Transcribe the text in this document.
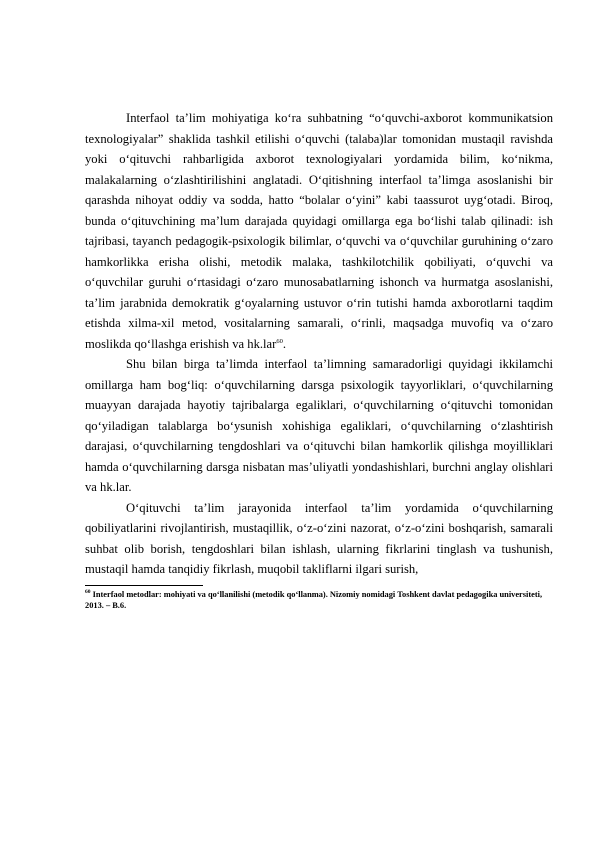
Interfaol ta’lim mohiyatiga ko‘ra suhbatning “o‘quvchi-axborot kommunikatsion texnologiyalar” shaklida tashkil etilishi o‘quvchi (talaba)lar tomonidan mustaqil ravishda yoki o‘qituvchi rahbarligida axborot texnologiyalari yordamida bilim, ko‘nikma, malakalarning o‘zlashtirilishini anglatadi. O‘qitishning interfaol ta’limga asoslanishi bir qarashda nihoyat oddiy va sodda, hatto “bolalar o‘yini” kabi taassurot uyg‘otadi. Biroq, bunda o‘qituvchining ma’lum darajada quyidagi omillarga ega bo‘lishi talab qilinadi: ish tajribasi, tayanch pedagogik-psixologik bilimlar, o‘quvchi va o‘quvchilar guruhining o‘zaro hamkorlikka erisha olishi, metodik malaka, tashkilotchilik qobiliyati, o‘quvchi va o‘quvchilar guruhi o‘rtasidagi o‘zaro munosabatlarning ishonch va hurmatga asoslanishi, ta’lim jarabnida demokratik g‘oyalarning ustuvor o‘rin tutishi hamda axborotlarni taqdim etishda xilma-xil metod, vositalarning samarali, o‘rinli, maqsadga muvofiq va o‘zaro moslikda qo‘llashga erishish va hk.lar$^{60}$.

Shu bilan birga ta’limda interfaol ta’limning samaradorligi quyidagi ikkilamchi omillarga ham bog‘liq: o‘quvchilarning darsga psixologik tayyorliklari, o‘quvchilarning muayyan darajada hayotiy tajribalarga egaliklari, o‘quvchilarning o‘qituvchi tomonidan qo‘yiladigan talablarga bo‘ysunish xohishiga egaliklari, o‘quvchilarning o‘zlashtirish darajasi, o‘quvchilarning tengdoshlari va o‘qituvchi bilan hamkorlik qilishga moyilliklari hamda o‘quvchilarning darsga nisbatan mas’uliyatli yondashishlari, burchni anglay olishlari va hk.lar.

O‘qituvchi ta’lim jarayonida interfaol ta’lim yordamida o‘quvchilarning qobiliyatlarini rivojlantirish, mustaqillik, o‘z-o‘zini nazorat, o‘z-o‘zini boshqarish, samarali suhbat olib borish, tengdoshlari bilan ishlash, ularning fikrlarini tinglash va tushunish, mustaqil hamda tanqidiy fikrlash, muqobil takliflarni ilgari surish,

$^{60}$ Interfaol metodlar: mohiyati va qo‘llanilishi (metodik qo‘llanma). Nizomiy nomidagi Toshkent davlat pedagogika universiteti, 2013. – B.6.
